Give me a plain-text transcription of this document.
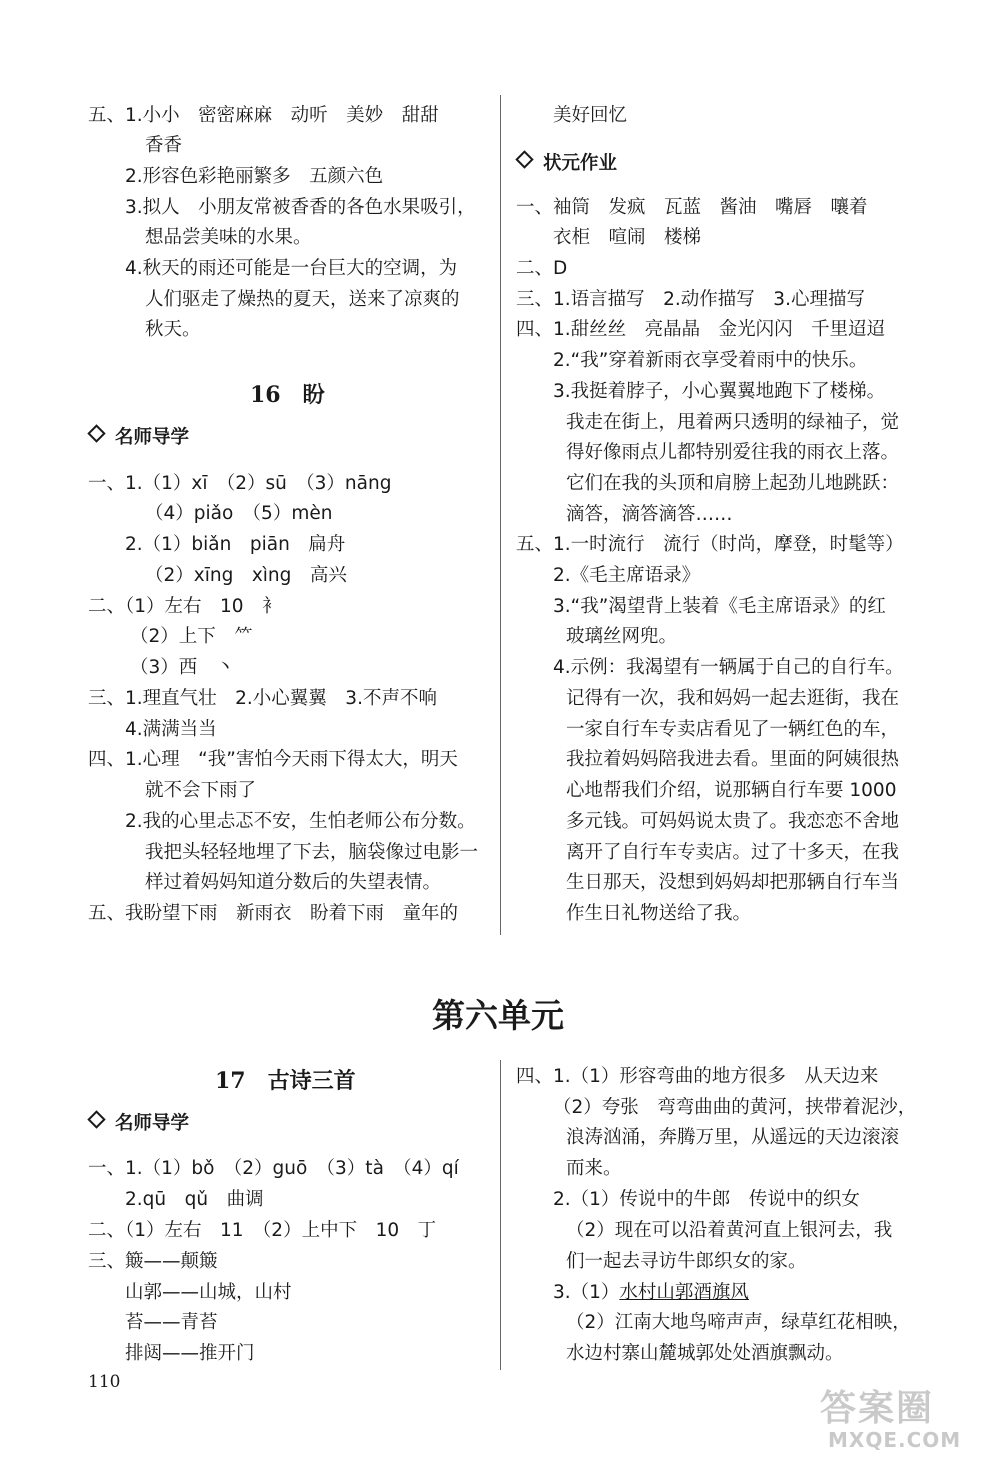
五、1.小小　密密麻麻　动听　美妙　甜甜
香香
2.形容色彩艳丽繁多　五颜六色
3.拟人　小朋友常被香香的各色水果吸引，
想品尝美味的水果。
4.秋天的雨还可能是一台巨大的空调，为
人们驱走了燥热的夏天，送来了凉爽的
秋天。
16　盼
名师导学
一、1.（1）xī　（2）sū　（3）nāng
（4）piǎo　（5）mèn
2.（1）biǎn　piān　扁舟
（2）xīng　xìng　高兴
二、（1）左右　10　衤
（2）上下　⺮
（3）西　丶
三、1.理直气壮　2.小心翼翼　3.不声不响
4.满满当当
四、1.心理　“我”害怕今天雨下得太大，明天
就不会下雨了
2.我的心里忐忑不安，生怕老师公布分数。
我把头轻轻地埋了下去，脑袋像过电影一
样过着妈妈知道分数后的失望表情。
五、我盼望下雨　新雨衣　盼着下雨　童年的
美好回忆
状元作业
一、袖筒　发疯　瓦蓝　酱油　嘴唇　嚷着
衣柜　喧闹　楼梯
二、D
三、1.语言描写　2.动作描写　3.心理描写
四、1.甜丝丝　亮晶晶　金光闪闪　千里迢迢
2.“我”穿着新雨衣享受着雨中的快乐。
3.我挺着脖子，小心翼翼地跑下了楼梯。
我走在街上，甩着两只透明的绿袖子，觉
得好像雨点儿都特别爱往我的雨衣上落。
它们在我的头顶和肩膀上起劲儿地跳跃：
滴答，滴答滴答……
五、1.一时流行　流行（时尚，摩登，时髦等）
2.《毛主席语录》
3.“我”渴望背上装着《毛主席语录》的红
玻璃丝网兜。
4.示例：我渴望有一辆属于自己的自行车。
记得有一次，我和妈妈一起去逛街，我在
一家自行车专卖店看见了一辆红色的车，
我拉着妈妈陪我进去看。里面的阿姨很热
心地帮我们介绍，说那辆自行车要 1000
多元钱。可妈妈说太贵了。我恋恋不舍地
离开了自行车专卖店。过了十多天，在我
生日那天，没想到妈妈却把那辆自行车当
作生日礼物送给了我。
第六单元
17　古诗三首
名师导学
一、1.（1）bǒ　（2）guō　（3）tà　（4）qí
2.qū　qǔ　曲调
二、（1）左右　11　（2）上中下　10　丁
三、簸——颠簸
山郭——山城，山村
苔——青苔
排闼——推开门
四、1.（1）形容弯曲的地方很多　从天边来
（2）夸张　弯弯曲曲的黄河，挟带着泥沙，
浪涛汹涌，奔腾万里，从遥远的天边滚滚
而来。
2.（1）传说中的牛郎　传说中的织女
（2）现在可以沿着黄河直上银河去，我
们一起去寻访牛郎织女的家。
3.（1）水村山郭酒旗风
（2）江南大地鸟啼声声，绿草红花相映，
水边村寨山麓城郭处处酒旗飘动。
110
答案圈
MXQE.COM
